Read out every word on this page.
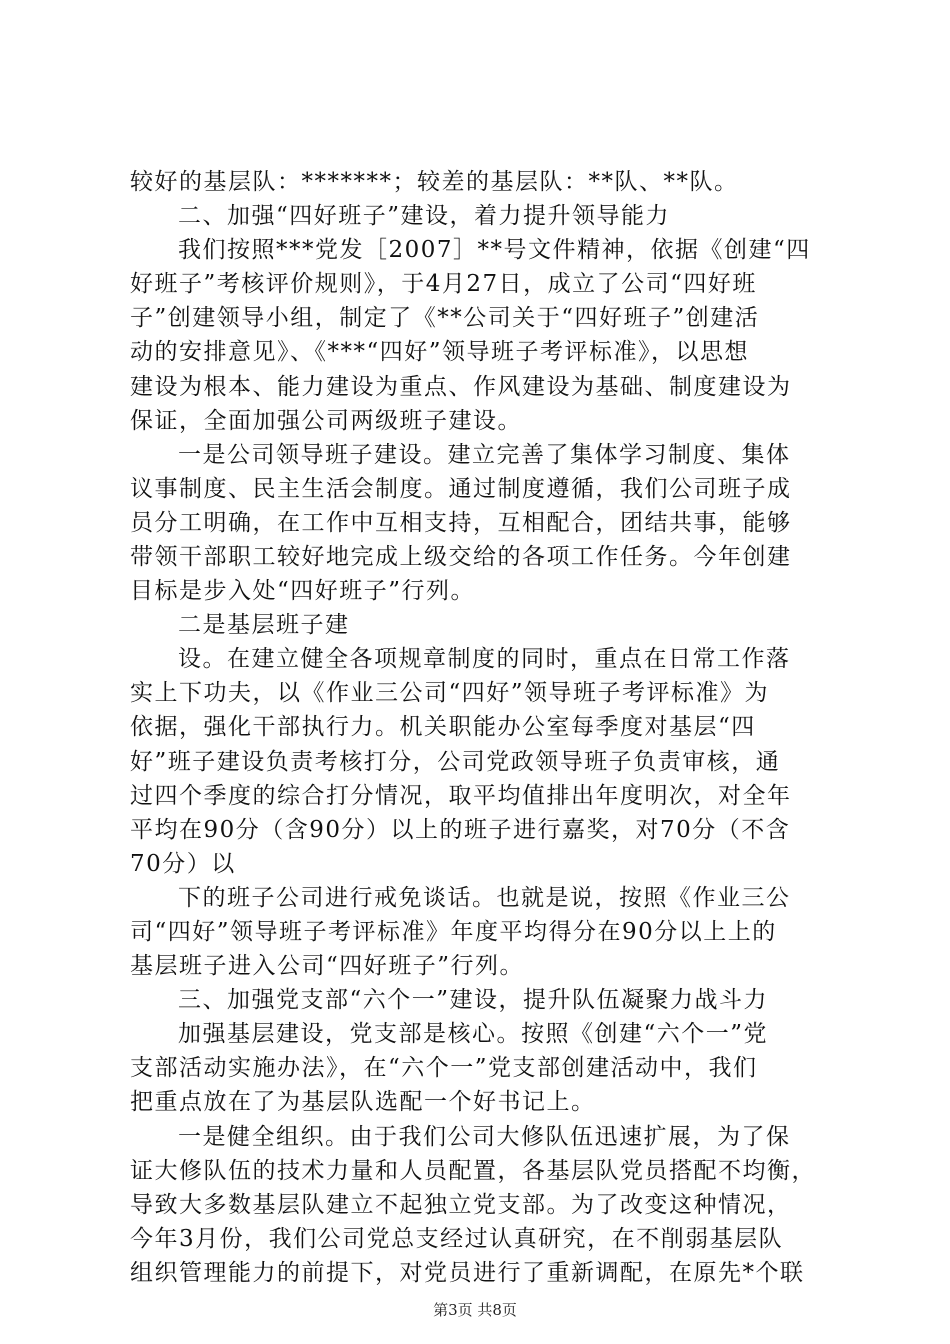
较好的基层队：*******；较差的基层队：**队、**队。
二、加强“四好班子”建设，着力提升领导能力
我们按照***党发［2007］**号文件精神，依据《创建“四
好班子”考核评价规则》，于4月27日，成立了公司“四好班
子”创建领导小组，制定了《**公司关于“四好班子”创建活
动的安排意见》、《***“四好”领导班子考评标准》，以思想
建设为根本、能力建设为重点、作风建设为基础、制度建设为
保证，全面加强公司两级班子建设。
一是公司领导班子建设。建立完善了集体学习制度、集体
议事制度、民主生活会制度。通过制度遵循，我们公司班子成
员分工明确，在工作中互相支持，互相配合，团结共事，能够
带领干部职工较好地完成上级交给的各项工作任务。今年创建
目标是步入处“四好班子”行列。
二是基层班子建
设。在建立健全各项规章制度的同时，重点在日常工作落
实上下功夫，以《作业三公司“四好”领导班子考评标准》为
依据，强化干部执行力。机关职能办公室每季度对基层“四
好”班子建设负责考核打分，公司党政领导班子负责审核，通
过四个季度的综合打分情况，取平均值排出年度明次，对全年
平均在90分（含90分）以上的班子进行嘉奖，对70分（不含
70分）以
下的班子公司进行戒免谈话。也就是说，按照《作业三公
司“四好”领导班子考评标准》年度平均得分在90分以上上的
基层班子进入公司“四好班子”行列。
三、加强党支部“六个一”建设，提升队伍凝聚力战斗力
加强基层建设，党支部是核心。按照《创建“六个一”党
支部活动实施办法》，在“六个一”党支部创建活动中，我们
把重点放在了为基层队选配一个好书记上。
一是健全组织。由于我们公司大修队伍迅速扩展，为了保
证大修队伍的技术力量和人员配置，各基层队党员搭配不均衡，
导致大多数基层队建立不起独立党支部。为了改变这种情况，
今年3月份，我们公司党总支经过认真研究，在不削弱基层队
组织管理能力的前提下，对党员进行了重新调配，在原先*个联
第3页 共8页
